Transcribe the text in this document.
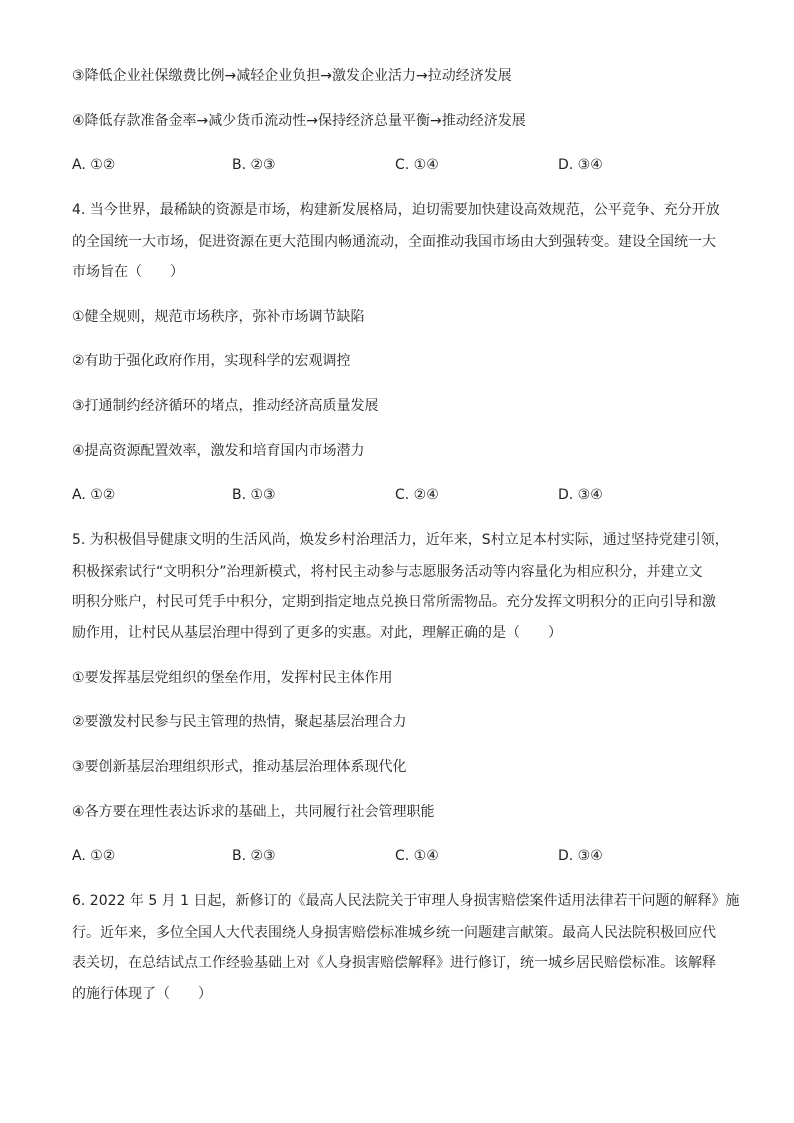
③降低企业社保缴费比例→减轻企业负担→激发企业活力→拉动经济发展
④降低存款准备金率→减少货币流动性→保持经济总量平衡→推动经济发展
A. ①②	B. ②③	C. ①④	D. ③④
4. 当今世界，最稀缺的资源是市场，构建新发展格局，迫切需要加快建设高效规范，公平竞争、充分开放
的全国统一大市场，促进资源在更大范围内畅通流动，全面推动我国市场由大到强转变。建设全国统一大
市场旨在（　　）
①健全规则，规范市场秩序，弥补市场调节缺陷
②有助于强化政府作用，实现科学的宏观调控
③打通制约经济循环的堵点，推动经济高质量发展
④提高资源配置效率，激发和培育国内市场潜力
A. ①②	B. ①③	C. ②④	D. ③④
5. 为积极倡导健康文明的生活风尚，焕发乡村治理活力，近年来，S村立足本村实际，通过坚持党建引领，
积极探索试行“文明积分”治理新模式，将村民主动参与志愿服务活动等内容量化为相应积分，并建立文
明积分账户，村民可凭手中积分，定期到指定地点兑换日常所需物品。充分发挥文明积分的正向引导和激
励作用，让村民从基层治理中得到了更多的实惠。对此，理解正确的是（　　）
①要发挥基层党组织的堡垒作用，发挥村民主体作用
②要激发村民参与民主管理的热情，聚起基层治理合力
③要创新基层治理组织形式，推动基层治理体系现代化
④各方要在理性表达诉求的基础上，共同履行社会管理职能
A. ①②	B. ②③	C. ①④	D. ③④
6. 2022 年 5 月 1 日起，新修订的《最高人民法院关于审理人身损害赔偿案件适用法律若干问题的解释》施
行。近年来，多位全国人大代表围绕人身损害赔偿标准城乡统一问题建言献策。最高人民法院积极回应代
表关切，在总结试点工作经验基础上对《人身损害赔偿解释》进行修订，统一城乡居民赔偿标准。该解释
的施行体现了（　　）
